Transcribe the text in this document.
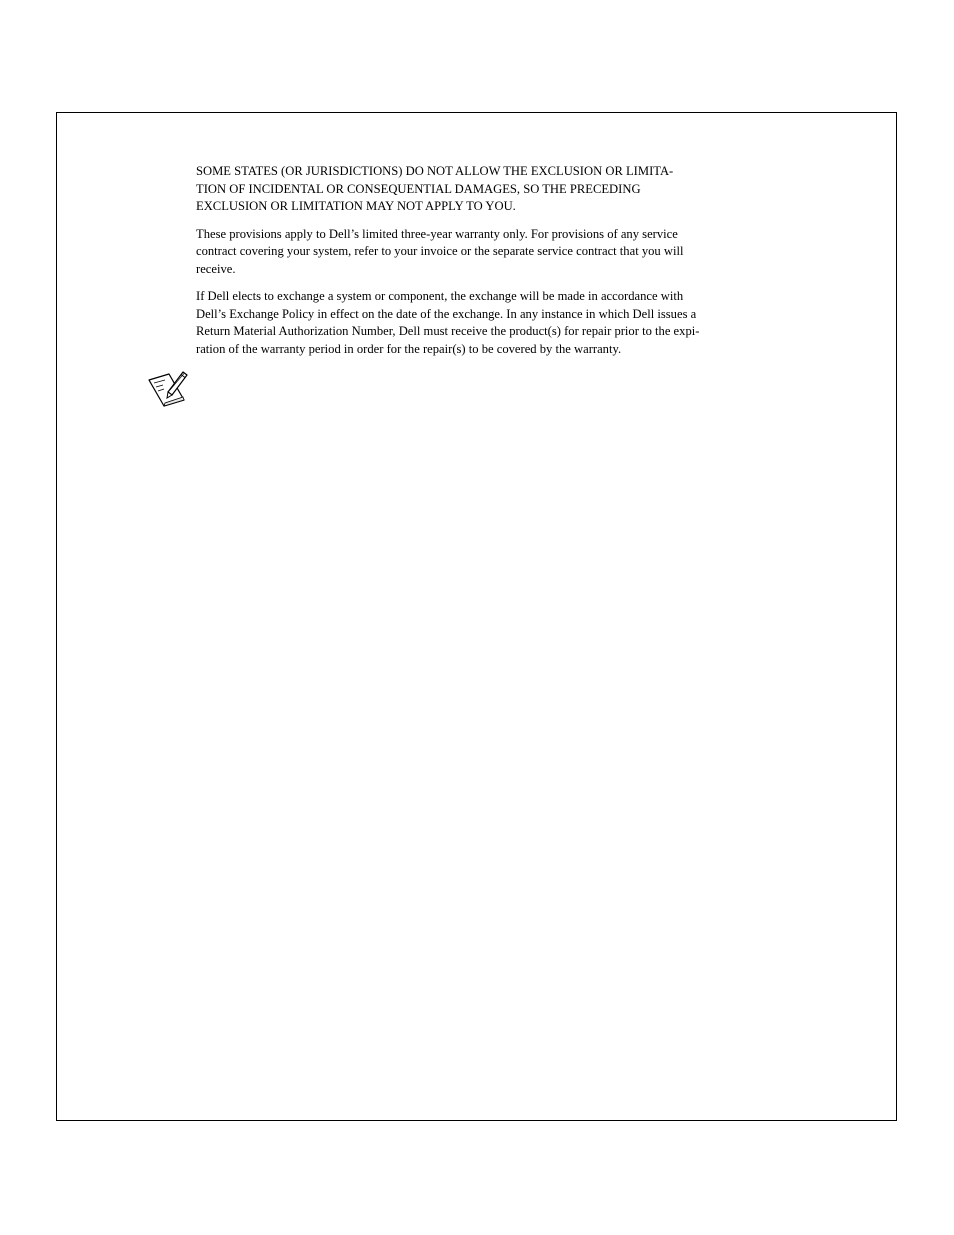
SOME STATES (OR JURISDICTIONS) DO NOT ALLOW THE EXCLUSION OR LIMITA-
TION OF INCIDENTAL OR CONSEQUENTIAL DAMAGES, SO THE PRECEDING
EXCLUSION OR LIMITATION MAY NOT APPLY TO YOU.

These provisions apply to Dell’s limited three-year warranty only. For provisions of any service
contract covering your system, refer to your invoice or the separate service contract that you will
receive.

If Dell elects to exchange a system or component, the exchange will be made in accordance with
Dell’s Exchange Policy in effect on the date of the exchange. In any instance in which Dell issues a
Return Material Authorization Number, Dell must receive the product(s) for repair prior to the expi-
ration of the warranty period in order for the repair(s) to be covered by the warranty.
